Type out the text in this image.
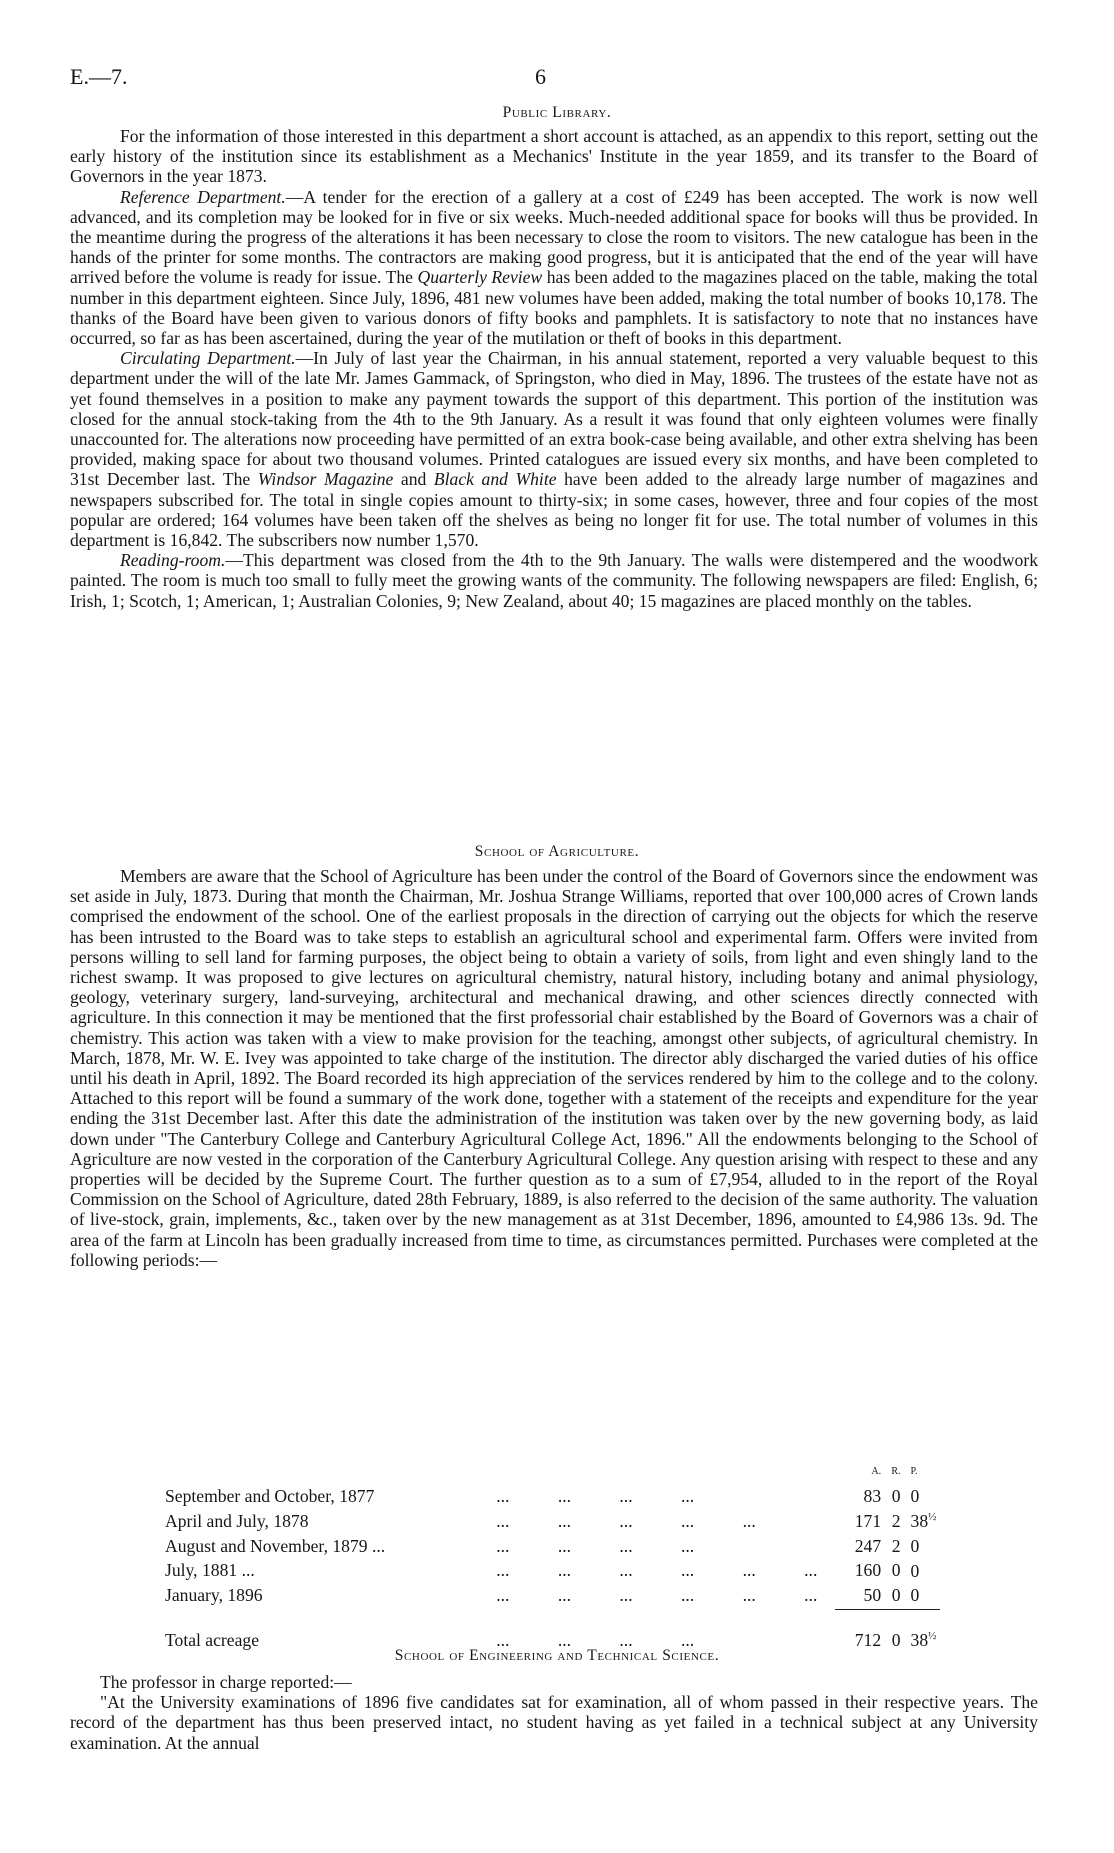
E.—7.	6
Public Library.

For the information of those interested in this department a short account is attached, as an appendix to this report, setting out the early history of the institution since its establishment as a Mechanics' Institute in the year 1859, and its transfer to the Board of Governors in the year 1873.

Reference Department.—A tender for the erection of a gallery at a cost of £249 has been accepted. The work is now well advanced, and its completion may be looked for in five or six weeks. Much-needed additional space for books will thus be provided. In the meantime during the progress of the alterations it has been necessary to close the room to visitors. The new catalogue has been in the hands of the printer for some months. The contractors are making good progress, but it is anticipated that the end of the year will have arrived before the volume is ready for issue. The Quarterly Review has been added to the magazines placed on the table, making the total number in this department eighteen. Since July, 1896, 481 new volumes have been added, making the total number of books 10,178. The thanks of the Board have been given to various donors of fifty books and pamphlets. It is satisfactory to note that no instances have occurred, so far as has been ascertained, during the year of the mutilation or theft of books in this department.

Circulating Department.—In July of last year the Chairman, in his annual statement, reported a very valuable bequest to this department under the will of the late Mr. James Gammack, of Springston, who died in May, 1896. The trustees of the estate have not as yet found themselves in a position to make any payment towards the support of this department. This portion of the institution was closed for the annual stock-taking from the 4th to the 9th January. As a result it was found that only eighteen volumes were finally unaccounted for. The alterations now proceeding have permitted of an extra book-case being available, and other extra shelving has been provided, making space for about two thousand volumes. Printed catalogues are issued every six months, and have been completed to 31st December last. The Windsor Magazine and Black and White have been added to the already large number of magazines and newspapers subscribed for. The total in single copies amount to thirty-six; in some cases, however, three and four copies of the most popular are ordered; 164 volumes have been taken off the shelves as being no longer fit for use. The total number of volumes in this department is 16,842. The subscribers now number 1,570.

Reading-room.—This department was closed from the 4th to the 9th January. The walls were distempered and the woodwork painted. The room is much too small to fully meet the growing wants of the community. The following newspapers are filed: English, 6; Irish, 1; Scotch, 1; American, 1; Australian Colonies, 9; New Zealand, about 40; 15 magazines are placed monthly on the tables.

School of Agriculture.

Members are aware that the School of Agriculture has been under the control of the Board of Governors since the endowment was set aside in July, 1873. During that month the Chairman, Mr. Joshua Strange Williams, reported that over 100,000 acres of Crown lands comprised the endowment of the school. One of the earliest proposals in the direction of carrying out the objects for which the reserve has been intrusted to the Board was to take steps to establish an agricultural school and experimental farm. Offers were invited from persons willing to sell land for farming purposes, the object being to obtain a variety of soils, from light and even shingly land to the richest swamp. It was proposed to give lectures on agricultural chemistry, natural history, including botany and animal physiology, geology, veterinary surgery, land-surveying, architectural and mechanical drawing, and other sciences directly connected with agriculture. In this connection it may be mentioned that the first professorial chair established by the Board of Governors was a chair of chemistry. This action was taken with a view to make provision for the teaching, amongst other subjects, of agricultural chemistry. In March, 1878, Mr. W. E. Ivey was appointed to take charge of the institution. The director ably discharged the varied duties of his office until his death in April, 1892. The Board recorded its high appreciation of the services rendered by him to the college and to the colony. Attached to this report will be found a summary of the work done, together with a statement of the receipts and expenditure for the year ending the 31st December last. After this date the administration of the institution was taken over by the new governing body, as laid down under "The Canterbury College and Canterbury Agricultural College Act, 1896." All the endowments belonging to the School of Agriculture are now vested in the corporation of the Canterbury Agricultural College. Any question arising with respect to these and any properties will be decided by the Supreme Court. The further question as to a sum of £7,954, alluded to in the report of the Royal Commission on the School of Agriculture, dated 28th February, 1889, is also referred to the decision of the same authority. The valuation of live-stock, grain, implements, &c., taken over by the new management as at 31st December, 1896, amounted to £4,986 13s. 9d. The area of the farm at Lincoln has been gradually increased from time to time, as circumstances permitted. Purchases were completed at the following periods:—

		A.	R.	P.
September and October, 1877	...           ...           ...           ...	83	0	0
April and July, 1878	...           ...           ...           ...           ...	171	2	$38^{\frac{1}{2}}$
August and November, 1879 ...	...           ...           ...           ...	247	2	0
July, 1881 ...	...           ...           ...           ...           ...           ...	160	0	0
January, 1896	...           ...           ...           ...           ...           ...	50	0	0
Total acreage	...           ...           ...           ...	712	0	$38^{\frac{1}{2}}$
School of Engineering and Technical Science.

The professor in charge reported:—

"At the University examinations of 1896 five candidates sat for examination, all of whom passed in their respective years. The record of the department has thus been preserved intact, no student having as yet failed in a technical subject at any University examination. At the annual
